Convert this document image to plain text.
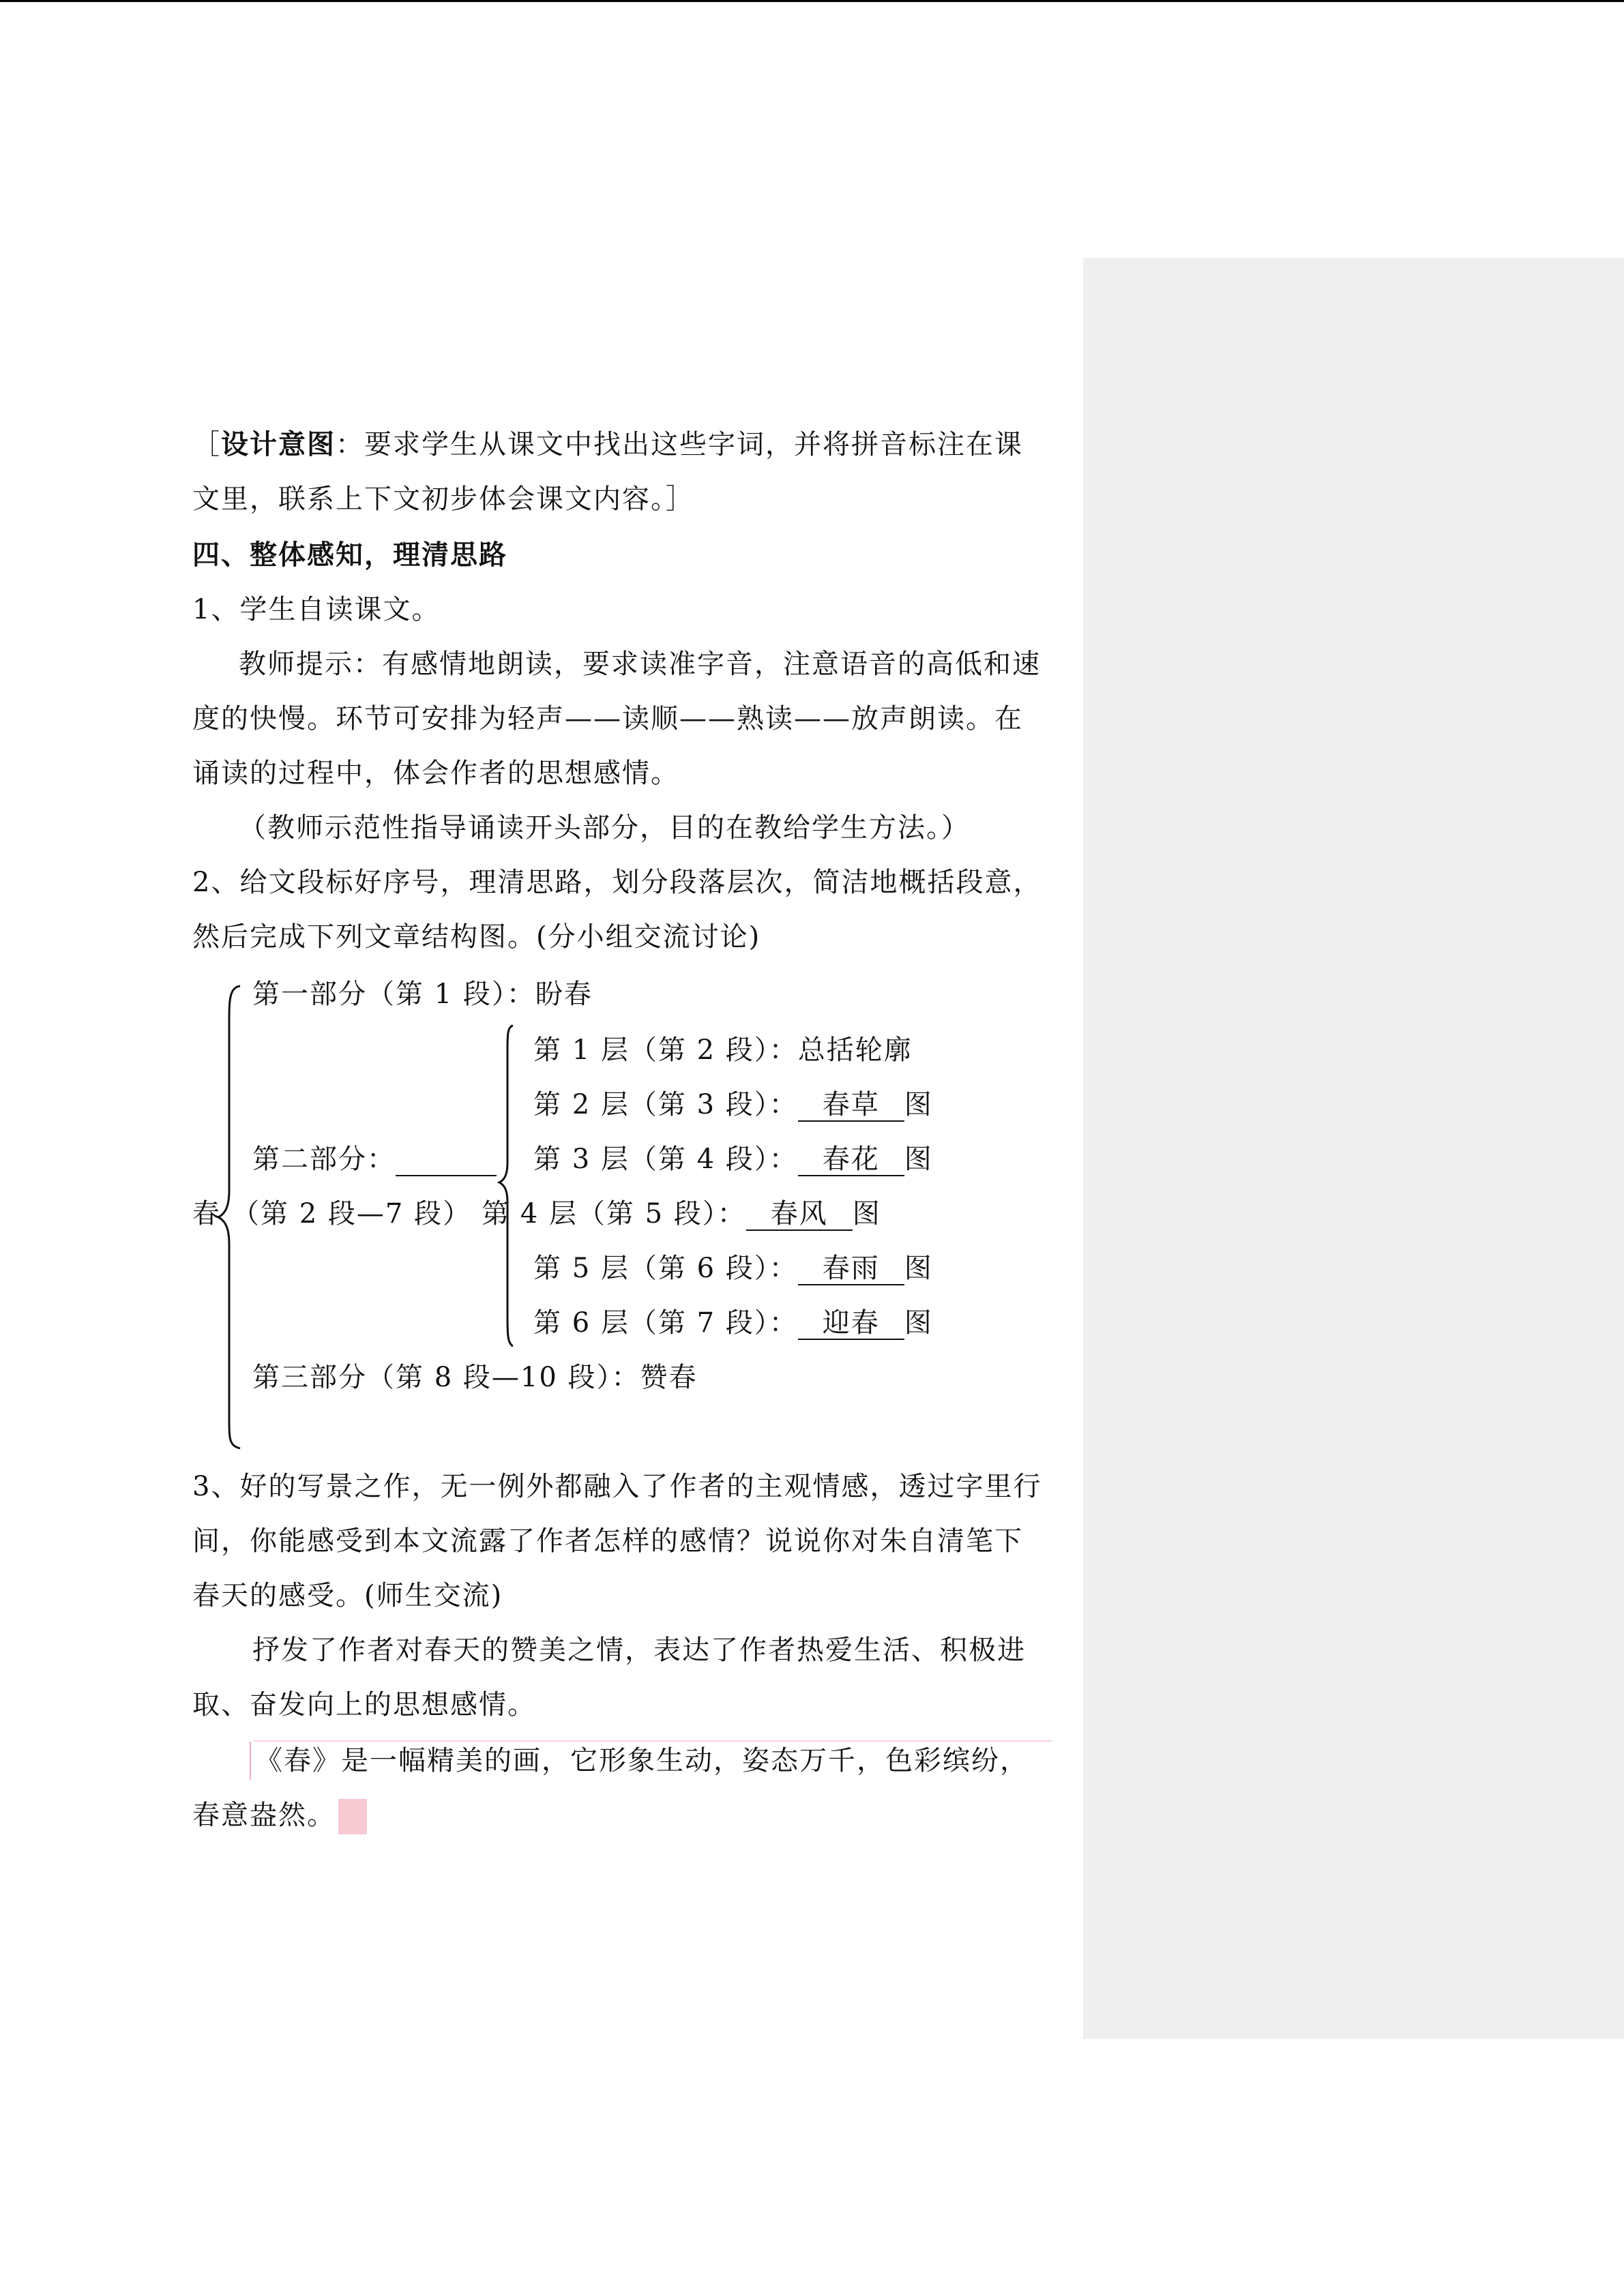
［设计意图：要求学生从课文中找出这些字词，并将拼音标注在课
文里，联系上下文初步体会课文内容。］
四、整体感知，理清思路
1、学生自读课文。
教师提示：有感情地朗读，要求读准字音，注意语音的高低和速
度的快慢。环节可安排为轻声——读顺——熟读——放声朗读。在
诵读的过程中，体会作者的思想感情。
（教师示范性指导诵读开头部分，目的在教给学生方法。）
2、给文段标好序号，理清思路，划分段落层次，简洁地概括段意，
然后完成下列文章结构图。(分小组交流讨论)
春
第一部分（第 1 段）：盼春
第二部分：
（第 2 段—7 段）
第 1 层（第 2 段）：总括轮廓
第 2 层（第 3 段）： 春草 图
第 3 层（第 4 段）： 春花 图
第 4 层（第 5 段）： 春风 图
第 5 层（第 6 段）： 春雨 图
第 6 层（第 7 段）： 迎春 图
第三部分（第 8 段—10 段）：赞春
3、好的写景之作，无一例外都融入了作者的主观情感，透过字里行
间，你能感受到本文流露了作者怎样的感情？说说你对朱自清笔下
春天的感受。(师生交流)
抒发了作者对春天的赞美之情，表达了作者热爱生活、积极进
取、奋发向上的思想感情。
《春》是一幅精美的画，它形象生动，姿态万千，色彩缤纷，
春意盎然。
